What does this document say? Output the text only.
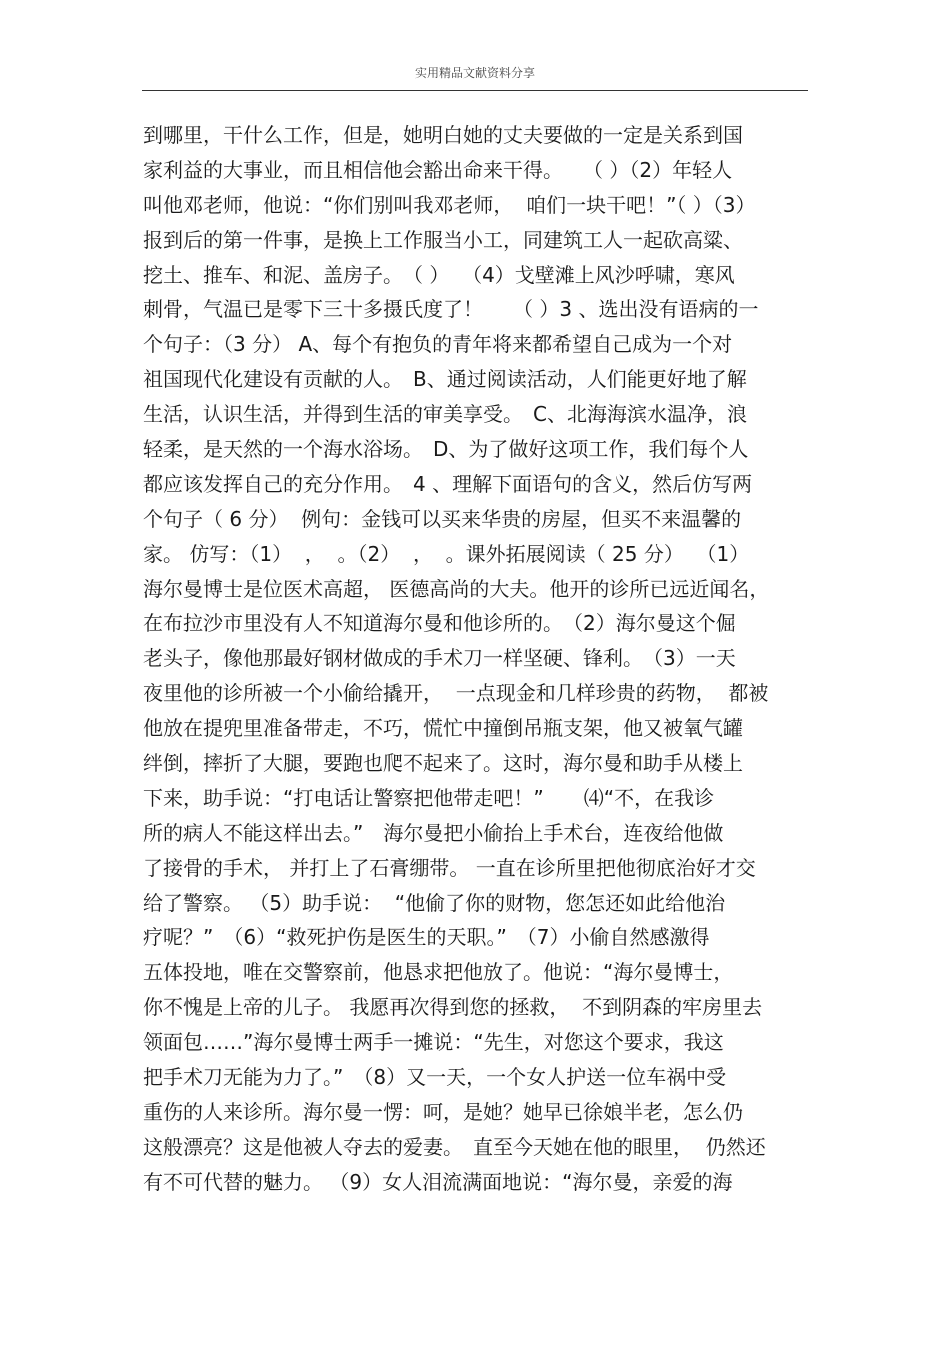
实用精品文献资料分享
到哪里，干什么工作，但是，她明白她的丈夫要做的一定是关系到国
家利益的大事业，而且相信他会豁出命来干得。　　（ ）（2）年轻人
叫他邓老师，他说：“你们别叫我邓老师，  咱们一块干吧！”（ ）（3）
报到后的第一件事，是换上工作服当小工，同建筑工人一起砍高粱、
挖土、推车、和泥、盖房子。　（ ）  （4）戈壁滩上风沙呼啸，寒风
刺骨，气温已是零下三十多摄氏度了！　　（ ）3 、选出没有语病的一
个句子：（3 分） A、每个有抱负的青年将来都希望自己成为一个对
祖国现代化建设有贡献的人。　B、通过阅读活动，人们能更好地了解
生活，认识生活，并得到生活的审美享受。　C、北海海滨水温净，浪
轻柔，是天然的一个海水浴场。　D、为了做好这项工作，我们每个人
都应该发挥自己的充分作用。　4 、理解下面语句的含义，然后仿写两
个句子（ 6 分）  例句：金钱可以买来华贵的房屋，但买不来温馨的
家。 仿写：（1）  ，  。（2）  ，  。课外拓展阅读（ 25 分）  （1）
海尔曼博士是位医术高超， 医德高尚的大夫。他开的诊所已远近闻名，
在布拉沙市里没有人不知道海尔曼和他诊所的。　（2）海尔曼这个倔
老头子，像他那最好钢材做成的手术刀一样坚硬、锋利。　（3）一天
夜里他的诊所被一个小偷给撬开，  一点现金和几样珍贵的药物，  都被
他放在提兜里准备带走，不巧，慌忙中撞倒吊瓶支架，他又被氧气罐
绊倒，摔折了大腿，要跑也爬不起来了。这时，海尔曼和助手从楼上
下来，助手说：“打电话让警察把他带走吧！”　　⑷“不，在我诊
所的病人不能这样出去。”　海尔曼把小偷抬上手术台，连夜给他做
了接骨的手术， 并打上了石膏绷带。 一直在诊所里把他彻底治好才交
给了警察。 （5）助手说：  “他偷了你的财物，您怎还如此给他治
疗呢？”　（6）“救死护伤是医生的天职。”　（7）小偷自然感激得
五体投地，唯在交警察前，他恳求把他放了。他说：“海尔曼博士，
你不愧是上帝的儿子。 我愿再次得到您的拯救，  不到阴森的牢房里去
领面包……”海尔曼博士两手一摊说：“先生，对您这个要求，我这
把手术刀无能为力了。”　（8）又一天，一个女人护送一位车祸中受
重伤的人来诊所。海尔曼一愣：呵，是她？她早已徐娘半老，怎么仍
这般漂亮？这是他被人夺去的爱妻。　直至今天她在他的眼里，  仍然还
有不可代替的魅力。 （9）女人泪流满面地说：“海尔曼，亲爱的海
